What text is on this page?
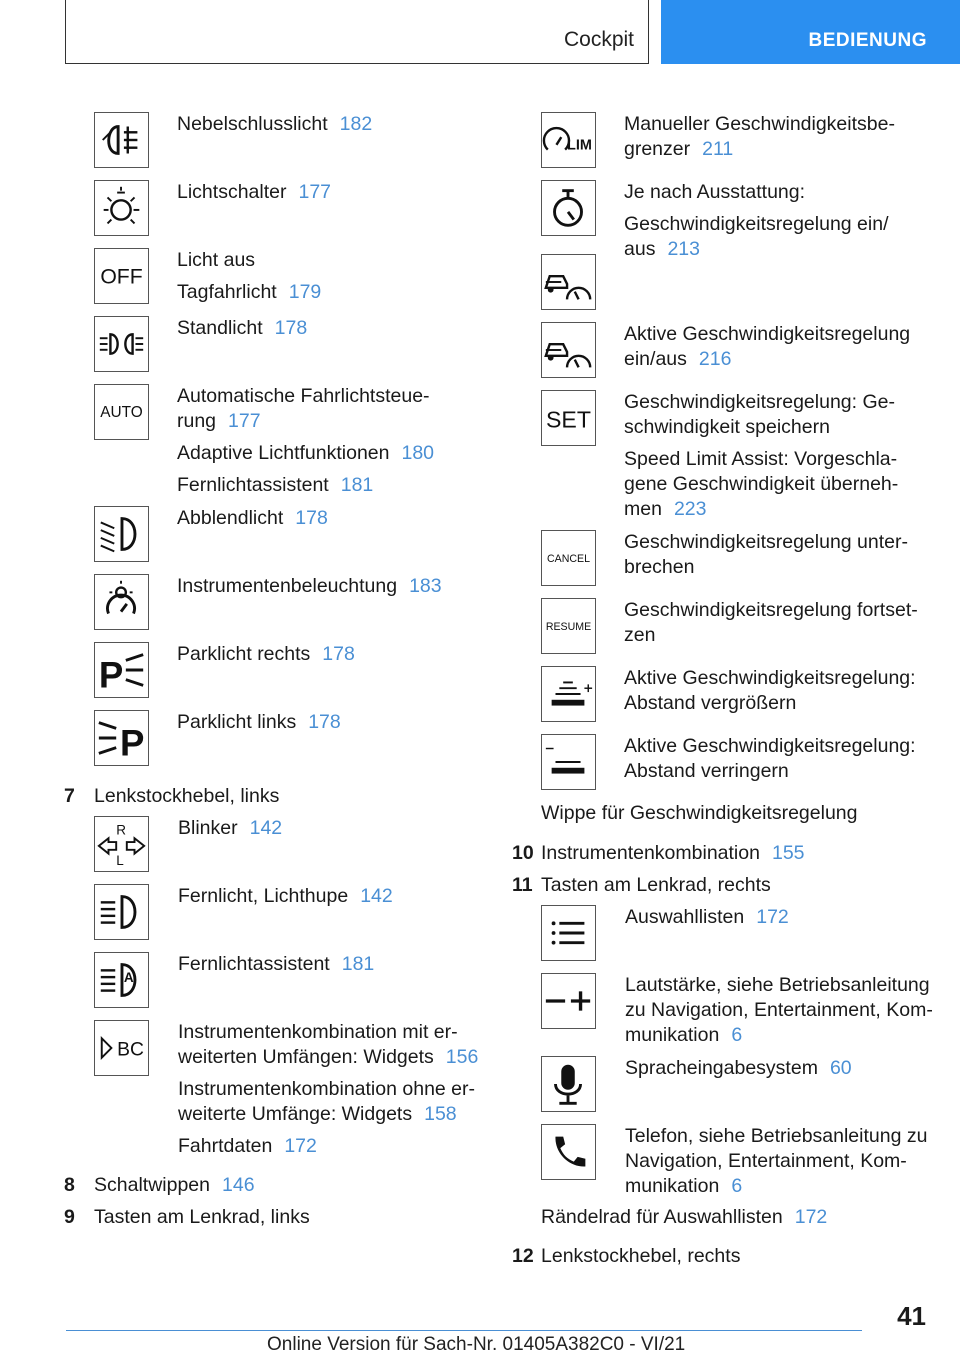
Cockpit	BEDIENUNG

Nebelschlusslicht 182

Lichtschalter 177

OFF

Licht aus

Tagfahrlicht 179

Standlicht 178

AUTO

Automatische Fahrlichtsteue-

rung 177

Adaptive Lichtfunktionen 180

Fernlichtassistent 181

Abblendlicht 178

Instrumentenbeleuchtung 183

P

Parklicht rechts 178

P

Parklicht links 178

7 Lenkstockhebel, links
R
L

Blinker 142

Fernlicht, Lichthupe 142

A

Fernlichtassistent 181

BC

Instrumentenkombination mit er-

weiterten Umfängen: Widgets 156

Instrumentenkombination ohne er-

weiterte Umfänge: Widgets 158

Fahrtdaten 172

8 Schaltwippen 146
9 Tasten am Lenkrad, links
LIM

Manueller Geschwindigkeitsbe-

grenzer 211

Je nach Ausstattung:

Geschwindigkeitsregelung ein/

aus 213

Aktive Geschwindigkeitsregelung

ein/aus 216

SET

Geschwindigkeitsregelung: Ge-

schwindigkeit speichern

Speed Limit Assist: Vorgeschla-

gene Geschwindigkeit überneh-

men 223

CANCEL

Geschwindigkeitsregelung unter-

brechen

RESUME

Geschwindigkeitsregelung fortset-

zen

Aktive Geschwindigkeitsregelung:

Abstand vergrößern

Aktive Geschwindigkeitsregelung:

Abstand verringern

Wippe für Geschwindigkeitsregelung
10 Instrumentenkombination 155
11 Tasten am Lenkrad, rechts

Auswahllisten 172

Lautstärke, siehe Betriebsanleitung

zu Navigation, Entertainment, Kom-

munikation 6

Spracheingabesystem 60

Telefon, siehe Betriebsanleitung zu

Navigation, Entertainment, Kom-

munikation 6

Rändelrad für Auswahllisten 172
12 Lenkstockhebel, rechts
41
Online Version für Sach-Nr. 01405A382C0 - VI/21
